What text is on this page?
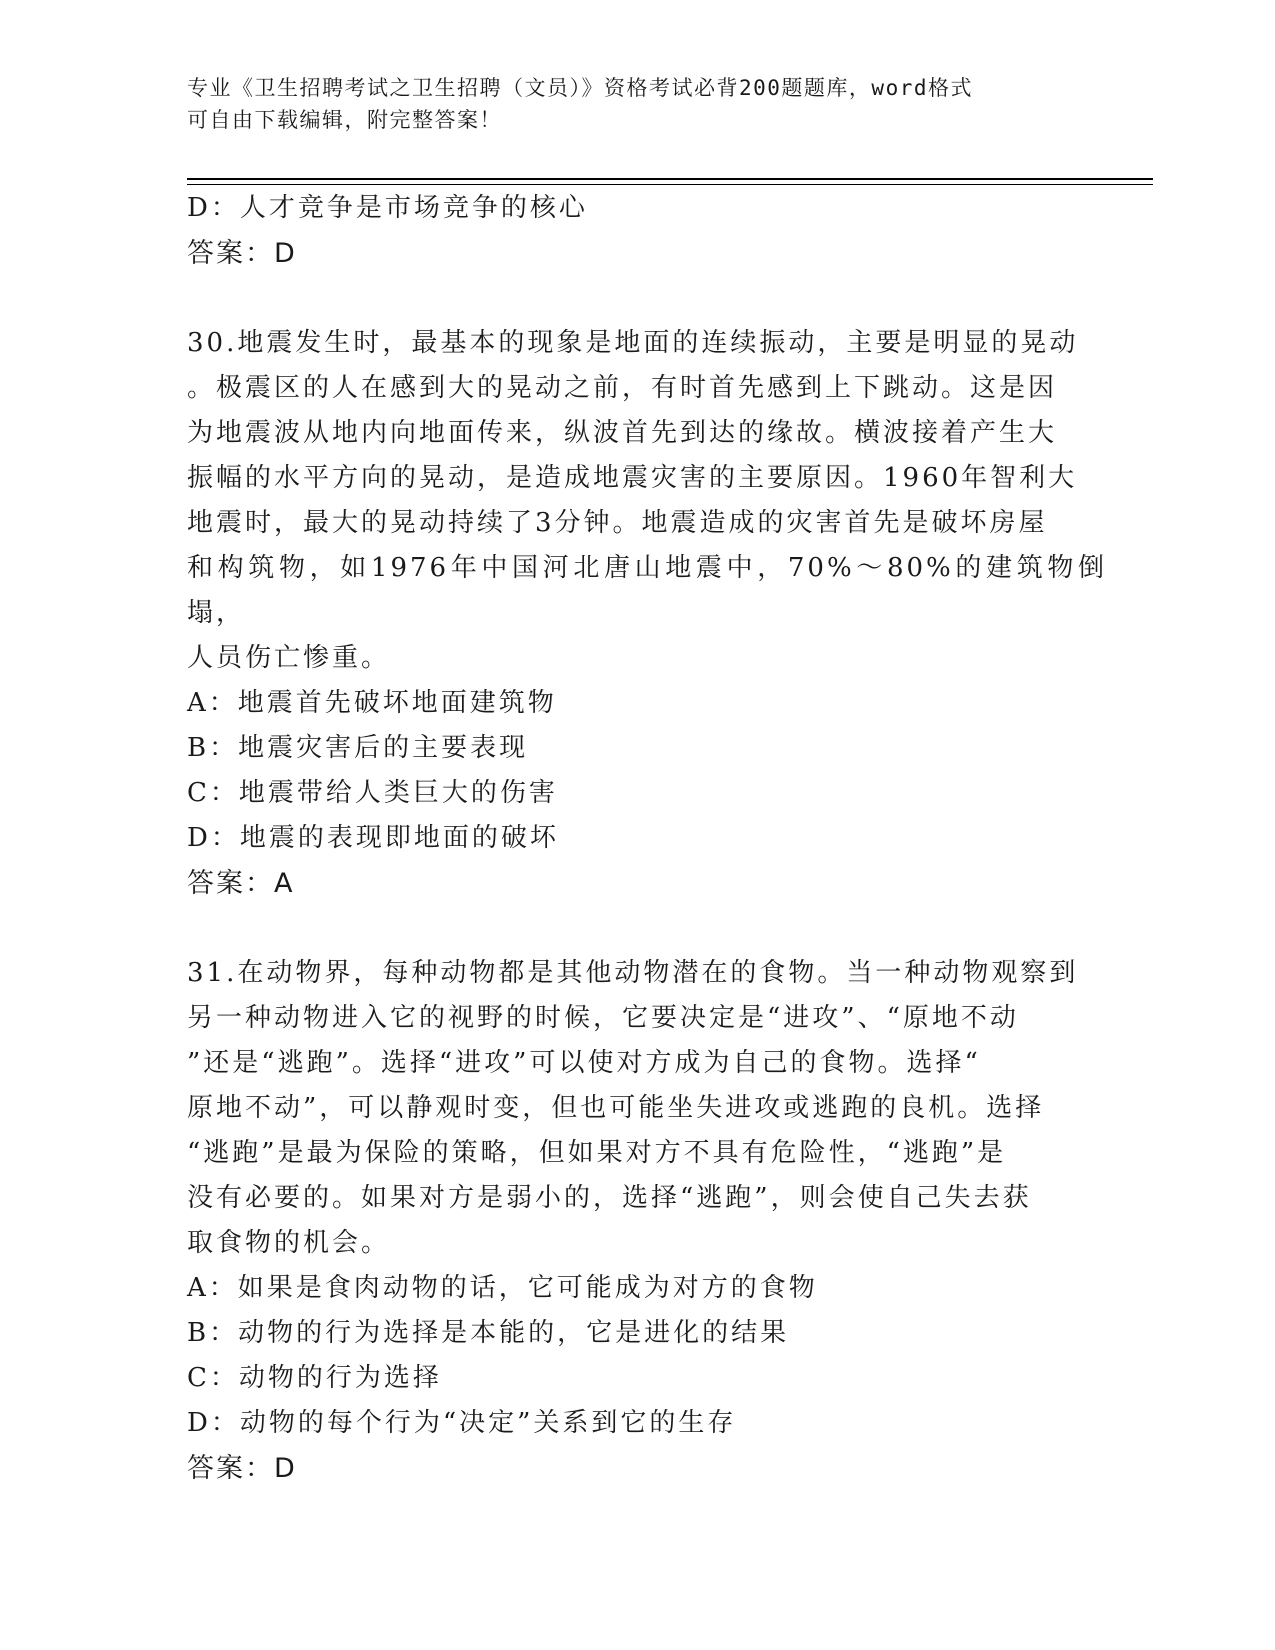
专业《卫生招聘考试之卫生招聘（文员）》资格考试必背200题题库，word格式
可自由下载编辑，附完整答案！
D：人才竞争是市场竞争的核心
答案：D
30.地震发生时，最基本的现象是地面的连续振动，主要是明显的晃动
。极震区的人在感到大的晃动之前，有时首先感到上下跳动。这是因
为地震波从地内向地面传来，纵波首先到达的缘故。横波接着产生大
振幅的水平方向的晃动，是造成地震灾害的主要原因。1960年智利大
地震时，最大的晃动持续了3分钟。地震造成的灾害首先是破坏房屋
和构筑物，如1976年中国河北唐山地震中，70%～80%的建筑物倒塌，
人员伤亡惨重。
A：地震首先破坏地面建筑物
B：地震灾害后的主要表现
C：地震带给人类巨大的伤害
D：地震的表现即地面的破坏
答案：A
31.在动物界，每种动物都是其他动物潜在的食物。当一种动物观察到
另一种动物进入它的视野的时候，它要决定是“进攻”、“原地不动
”还是“逃跑”。选择“进攻”可以使对方成为自己的食物。选择“
原地不动”，可以静观时变，但也可能坐失进攻或逃跑的良机。选择
“逃跑”是最为保险的策略，但如果对方不具有危险性，“逃跑”是
没有必要的。如果对方是弱小的，选择“逃跑”，则会使自己失去获
取食物的机会。
A：如果是食肉动物的话，它可能成为对方的食物
B：动物的行为选择是本能的，它是进化的结果
C：动物的行为选择
D：动物的每个行为“决定”关系到它的生存
答案：D
